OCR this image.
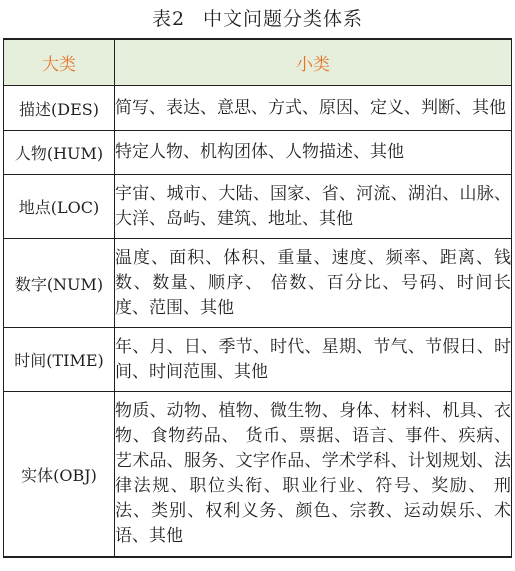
表2 中文问题分类体系
大类	小类
描述(DES)	简写、表达、意思、方式、原因、定义、判断、其他
人物(HUM)	特定人物、机构团体、人物描述、其他
地点(LOC)	宇宙、城市、大陆、国家、省、河流、湖泊、山脉、大洋、岛屿、建筑、地址、其他
数字(NUM)	温度、面积、体积、重量、速度、频率、距离、钱数、数量、顺序、 倍数、百分比、号码、时间长度、范围、其他
时间(TIME)	年、月、日、季节、时代、星期、节气、节假日、时间、时间范围、其他
实体(OBJ)	物质、动物、植物、微生物、身体、材料、机具、衣物、食物药品、 货币、票据、语言、事件、疾病、艺术品、服务、文字作品、学术学科、计划规划、法律法规、职位头衔、职业行业、符号、奖励、 刑法、类别、权利义务、颜色、宗教、运动娱乐、术语、其他
